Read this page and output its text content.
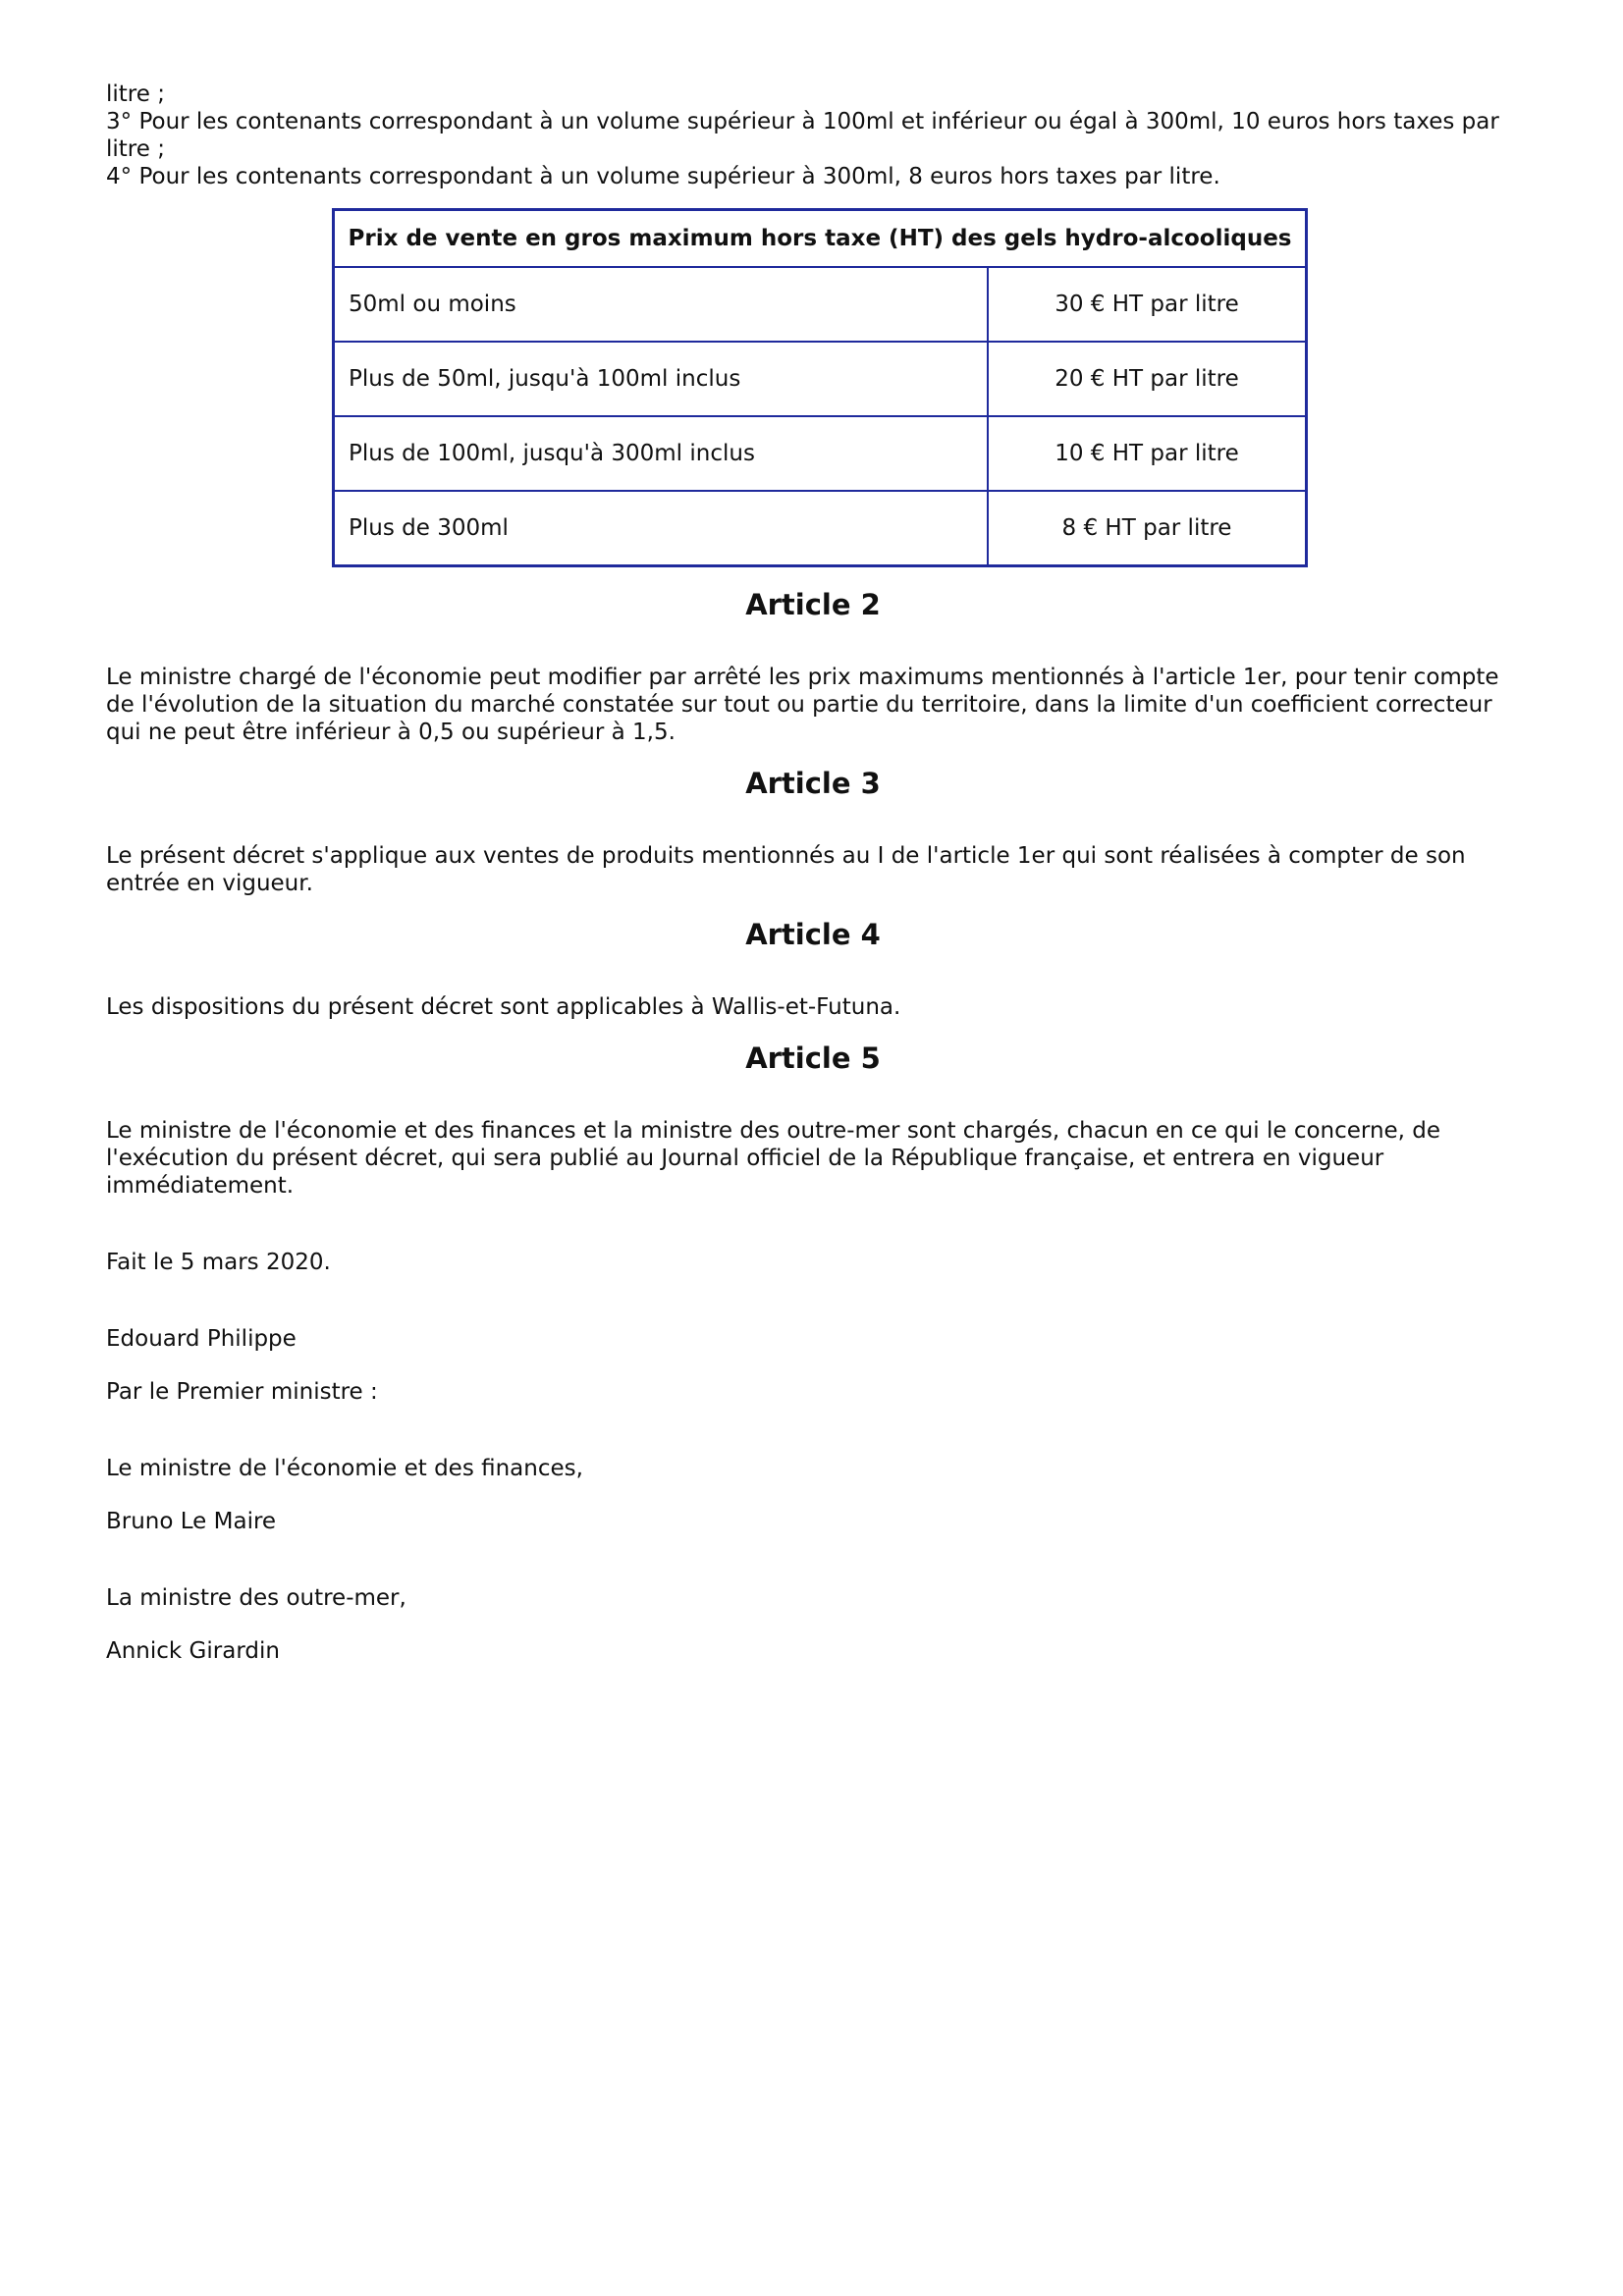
litre ;

3° Pour les contenants correspondant à un volume supérieur à 100ml et inférieur ou égal à 300ml, 10 euros hors taxes par litre ;

4° Pour les contenants correspondant à un volume supérieur à 300ml, 8 euros hors taxes par litre.

Prix de vente en gros maximum hors taxe (HT) des gels hydro-alcooliques	
50ml ou moins	30 € HT par litre
Plus de 50ml, jusqu'à 100ml inclus	20 € HT par litre
Plus de 100ml, jusqu'à 300ml inclus	10 € HT par litre
Plus de 300ml	8 € HT par litre
Article 2

Le ministre chargé de l'économie peut modifier par arrêté les prix maximums mentionnés à l'article 1er, pour tenir compte de l'évolution de la situation du marché constatée sur tout ou partie du territoire, dans la limite d'un coefficient correcteur qui ne peut être inférieur à 0,5 ou supérieur à 1,5.

Article 3

Le présent décret s'applique aux ventes de produits mentionnés au I de l'article 1er qui sont réalisées à compter de son entrée en vigueur.

Article 4

Les dispositions du présent décret sont applicables à Wallis-et-Futuna.

Article 5

Le ministre de l'économie et des finances et la ministre des outre-mer sont chargés, chacun en ce qui le concerne, de l'exécution du présent décret, qui sera publié au Journal officiel de la République française, et entrera en vigueur immédiatement.

Fait le 5 mars 2020.

Edouard Philippe

Par le Premier ministre :

Le ministre de l'économie et des finances,

Bruno Le Maire

La ministre des outre-mer,

Annick Girardin
